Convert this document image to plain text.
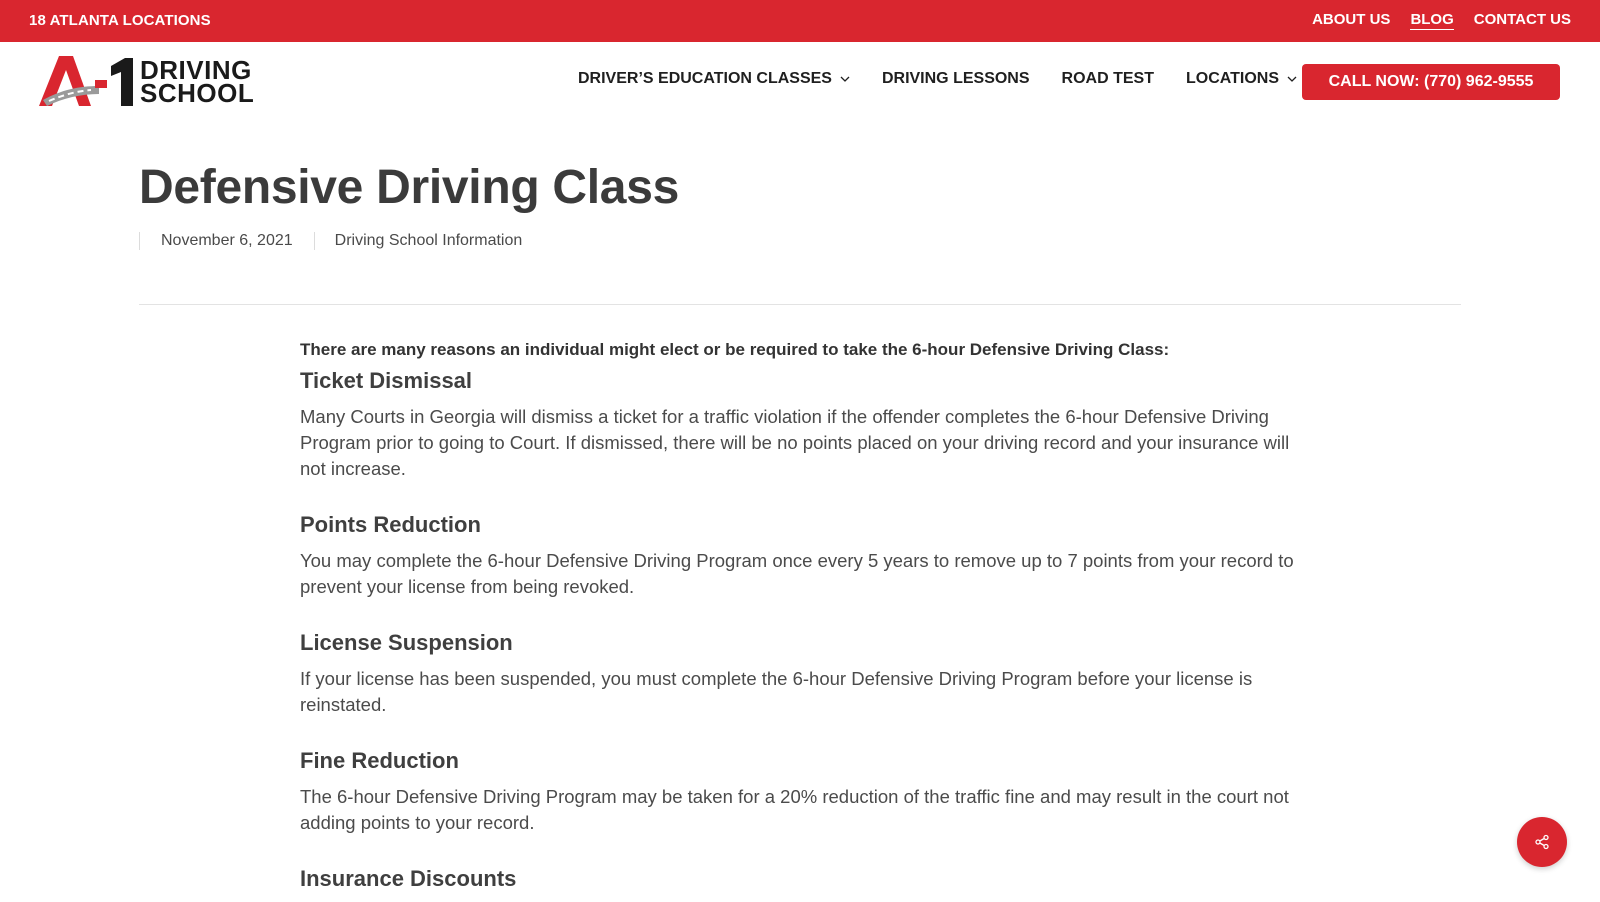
18 ATLANTA LOCATIONS	ABOUT US BLOG CONTACT US
DRIVING
SCHOOL	DRIVER’S EDUCATION CLASSES	DRIVING LESSONS ROAD TEST LOCATIONS	CALL NOW: (770) 962-9555
Defensive Driving Class
November 6, 2021	Driving School Information

There are many reasons an individual might elect or be required to take the 6-hour Defensive Driving Class:

Ticket Dismissal

Many Courts in Georgia will dismiss a ticket for a traffic violation if the offender completes the 6-hour Defensive Driving Program prior to going to Court. If dismissed, there will be no points placed on your driving record and your insurance will not increase.

Points Reduction

You may complete the 6-hour Defensive Driving Program once every 5 years to remove up to 7 points from your record to prevent your license from being revoked.

License Suspension

If your license has been suspended, you must complete the 6-hour Defensive Driving Program before your license is reinstated.

Fine Reduction

The 6-hour Defensive Driving Program may be taken for a 20% reduction of the traffic fine and may result in the court not adding points to your record.

Insurance Discounts
